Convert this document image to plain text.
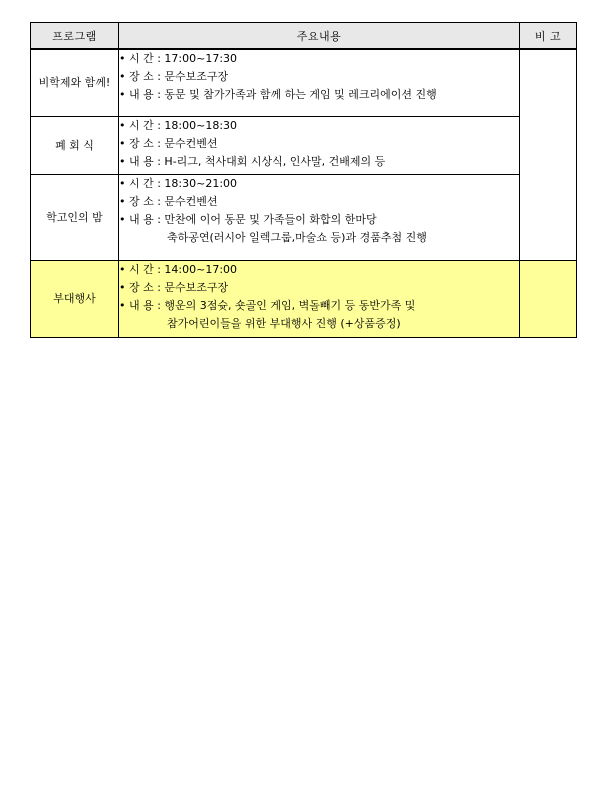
프로그램	주요내용	비 고
비학제와 함께!	• 시 간 : 17:00~17:30
• 장 소 : 문수보조구장
• 내 용 : 동문 및 참가가족과 함께 하는 게임 및 레크리에이션 진행	

폐 회 식	• 시 간 : 18:00~18:30
• 장 소 : 문수컨벤션
• 내 용 : H-리그, 척사대회 시상식, 인사말, 건배제의 등	

학고인의 밤	• 시 간 : 18:30~21:00
• 장 소 : 문수컨벤션
• 내 용 : 만찬에 이어 동문 및 가족들이 화합의 한마당
축하공연(러시아 일렉그룹,마술쇼 등)과 경품추첨 진행	

부대행사	• 시 간 : 14:00~17:00
• 장 소 : 문수보조구장
• 내 용 : 행운의 3점슛, 숏골인 게임, 벽돌빼기 등 동반가족 및
참가어린이들을 위한 부대행사 진행 (+상품증정)	
